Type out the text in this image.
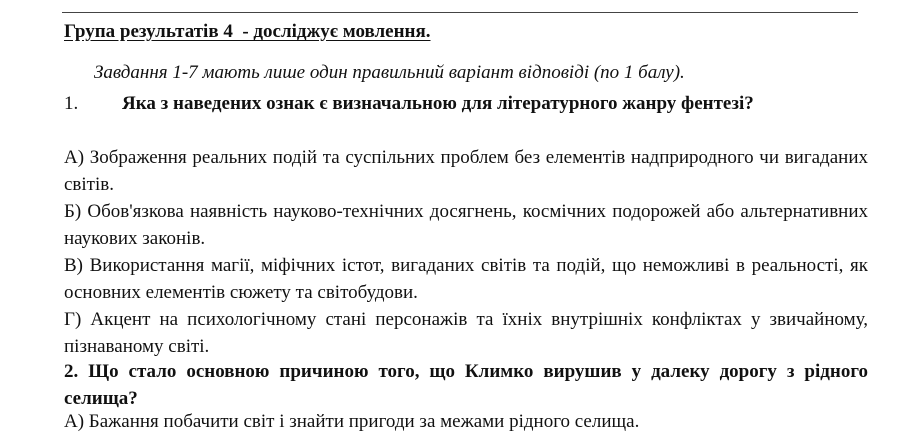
Група результатів 4  - досліджує мовлення.
Завдання 1-7 мають лише один правильний варіант відповіді (по 1 балу).
1. Яка з наведених ознак є визначальною для літературного жанру фентезі?
А) Зображення реальних подій та суспільних проблем без елементів надприродного чи вигаданих світів.
Б) Обов'язкова наявність науково-технічних досягнень, космічних подорожей або альтернативних наукових законів.
В) Використання магії, міфічних істот, вигаданих світів та подій, що неможливі в реальності, як основних елементів сюжету та світобудови.
Г) Акцент на психологічному стані персонажів та їхніх внутрішніх конфліктах у звичайному, пізнаваному світі.
2. Що стало основною причиною того, що Климко вирушив у далеку дорогу з рідного селища?
А) Бажання побачити світ і знайти пригоди за межами рідного селища.
